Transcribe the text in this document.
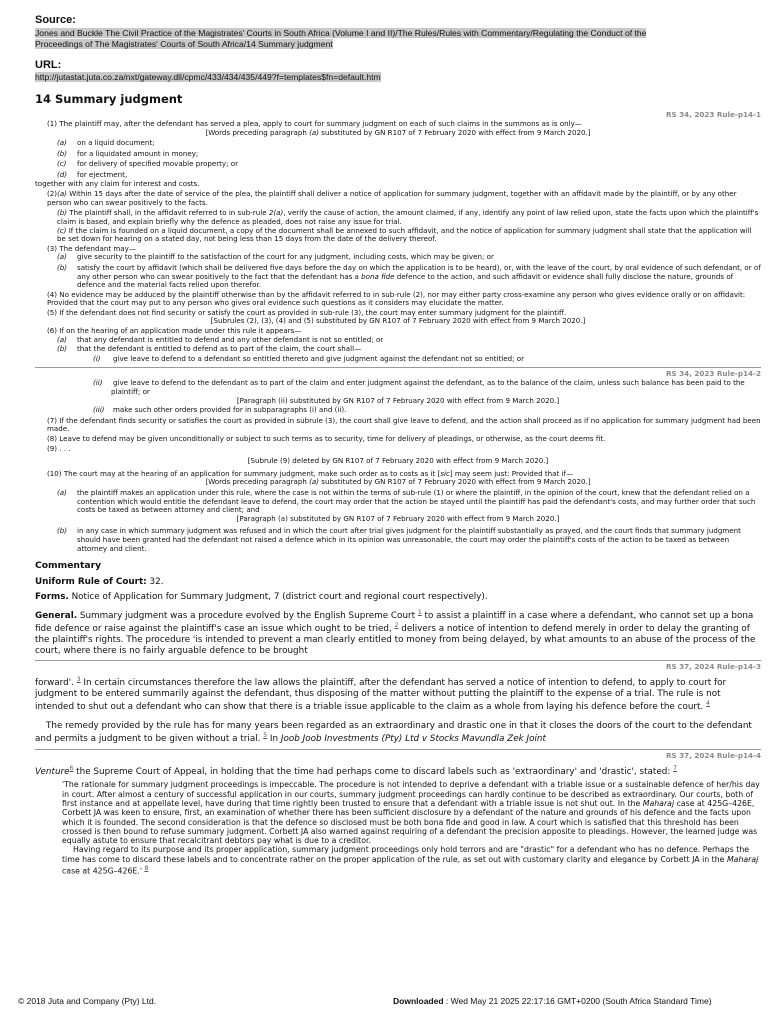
Source:

Jones and Buckle The Civil Practice of the Magistrates' Courts in South Africa (Volume I and II)/The Rules/Rules with Commentary/Regulating the Conduct of the
Proceedings of The Magistrates' Courts of South Africa/14 Summary judgment

URL:

http://jutastat.juta.co.za/nxt/gateway.dll/cpmc/433/434/435/449?f=templates$fn=default.htm

14 Summary judgment

RS 34, 2023 Rule-p14-1

(1) The plaintiff may, after the defendant has served a plea, apply to court for summary judgment on each of such claims in the summons as is only—

[Words preceding paragraph (a) substituted by GN R107 of 7 February 2020 with effect from 9 March 2020.]

(a) on a liquid document;

(b) for a liquidated amount in money;

(c) for delivery of specified movable property; or

(d) for ejectment,

together with any claim for interest and costs.

(2)(a) Within 15 days after the date of service of the plea, the plaintiff shall deliver a notice of application for summary judgment, together with an affidavit made by the plaintiff, or by any other person who can swear positively to the facts.

(b) The plaintiff shall, in the affidavit referred to in sub-rule 2(a), verify the cause of action, the amount claimed, if any, identify any point of law relied upon, state the facts upon which the plaintiff's claim is based, and explain briefly why the defence as pleaded, does not raise any issue for trial.

(c) If the claim is founded on a liquid document, a copy of the document shall be annexed to such affidavit, and the notice of application for summary judgment shall state that the application will be set down for hearing on a stated day, not being less than 15 days from the date of the delivery thereof.

(3) The defendant may—

(a) give security to the plaintiff to the satisfaction of the court for any judgment, including costs, which may be given; or

(b) satisfy the court by affidavit (which shall be delivered five days before the day on which the application is to be heard), or, with the leave of the court, by oral evidence of such defendant, or of any other person who can swear positively to the fact that the defendant has a bona fide defence to the action, and such affidavit or evidence shall fully disclose the nature, grounds of defence and the material facts relied upon therefor.

(4) No evidence may be adduced by the plaintiff otherwise than by the affidavit referred to in sub-rule (2), nor may either party cross-examine any person who gives evidence orally or on affidavit: Provided that the court may put to any person who gives oral evidence such questions as it considers may elucidate the matter.

(5) If the defendant does not find security or satisfy the court as provided in sub-rule (3), the court may enter summary judgment for the plaintiff.

[Subrules (2), (3), (4) and (5) substituted by GN R107 of 7 February 2020 with effect from 9 March 2020.]

(6) If on the hearing of an application made under this rule it appears—

(a) that any defendant is entitled to defend and any other defendant is not so entitled; or

(b) that the defendant is entitled to defend as to part of the claim, the court shall—

(i) give leave to defend to a defendant so entitled thereto and give judgment against the defendant not so entitled; or

RS 34, 2023 Rule-p14-2

(ii) give leave to defend to the defendant as to part of the claim and enter judgment against the defendant, as to the balance of the claim, unless such balance has been paid to the plaintiff; or

[Paragraph (ii) substituted by GN R107 of 7 February 2020 with effect from 9 March 2020.]

(iii) make such other orders provided for in subparagraphs (i) and (ii).

(7) If the defendant finds security or satisfies the court as provided in subrule (3), the court shall give leave to defend, and the action shall proceed as if no application for summary judgment had been made.

(8) Leave to defend may be given unconditionally or subject to such terms as to security, time for delivery of pleadings, or otherwise, as the court deems fit.

(9) . . .

[Subrule (9) deleted by GN R107 of 7 February 2020 with effect from 9 March 2020.]

(10) The court may at the hearing of an application for summary judgment, make such order as to costs as it [sic] may seem just: Provided that if—

[Words preceding paragraph (a) substituted by GN R107 of 7 February 2020 with effect from 9 March 2020.]

(a) the plaintiff makes an application under this rule, where the case is not within the terms of sub-rule (1) or where the plaintiff, in the opinion of the court, knew that the defendant relied on a contention which would entitle the defendant leave to defend, the court may order that the action be stayed until the plaintiff has paid the defendant's costs, and may further order that such costs be taxed as between attorney and client; and

[Paragraph (a) substituted by GN R107 of 7 February 2020 with effect from 9 March 2020.]

(b) in any case in which summary judgment was refused and in which the court after trial gives judgment for the plaintiff substantially as prayed, and the court finds that summary judgment should have been granted had the defendant not raised a defence which in its opinion was unreasonable, the court may order the plaintiff's costs of the action to be taxed as between attorney and client.

Commentary

Uniform Rule of Court: 32.

Forms. Notice of Application for Summary Judgment, 7 (district court and regional court respectively).

General. Summary judgment was a procedure evolved by the English Supreme Court $^1$ to assist a plaintiff in a case where a defendant, who cannot set up a bona fide defence or raise against the plaintiff's case an issue which ought to be tried, $^2$ delivers a notice of intention to defend merely in order to delay the granting of the plaintiff's rights. The procedure 'is intended to prevent a man clearly entitled to money from being delayed, by what amounts to an abuse of the process of the court, where there is no fairly arguable defence to be brought

RS 37, 2024 Rule-p14-3

forward'. $^3$ In certain circumstances therefore the law allows the plaintiff, after the defendant has served a notice of intention to defend, to apply to court for judgment to be entered summarily against the defendant, thus disposing of the matter without putting the plaintiff to the expense of a trial. The rule is not intended to shut out a defendant who can show that there is a triable issue applicable to the claim as a whole from laying his defence before the court. $^4$

The remedy provided by the rule has for many years been regarded as an extraordinary and drastic one in that it closes the doors of the court to the defendant and permits a judgment to be given without a trial. $^5$ In Joob Joob Investments (Pty) Ltd v Stocks Mavundla Zek Joint

RS 37, 2024 Rule-p14-4

Venture$^6$ the Supreme Court of Appeal, in holding that the time had perhaps come to discard labels such as 'extraordinary' and 'drastic', stated: $^7$

'The rationale for summary judgment proceedings is impeccable. The procedure is not intended to deprive a defendant with a triable issue or a sustainable defence of her/his day in court. After almost a century of successful application in our courts, summary judgment proceedings can hardly continue to be described as extraordinary. Our courts, both of first instance and at appellate level, have during that time rightly been trusted to ensure that a defendant with a triable issue is not shut out. In the Maharaj case at 425G–426E, Corbett JA was keen to ensure, first, an examination of whether there has been sufficient disclosure by a defendant of the nature and grounds of his defence and the facts upon which it is founded. The second consideration is that the defence so disclosed must be both bona fide and good in law. A court which is satisfied that this threshold has been crossed is then bound to refuse summary judgment. Corbett JA also warned against requiring of a defendant the precision apposite to pleadings. However, the learned judge was equally astute to ensure that recalcitrant debtors pay what is due to a creditor.

Having regard to its purpose and its proper application, summary judgment proceedings only hold terrors and are "drastic" for a defendant who has no defence. Perhaps the time has come to discard these labels and to concentrate rather on the proper application of the rule, as set out with customary clarity and elegance by Corbett JA in the Maharaj case at 425G–426E.' $^8$

© 2018 Juta and Company (Pty) Ltd.	Downloaded : Wed May 21 2025 22:17:16 GMT+0200 (South Africa Standard Time)
